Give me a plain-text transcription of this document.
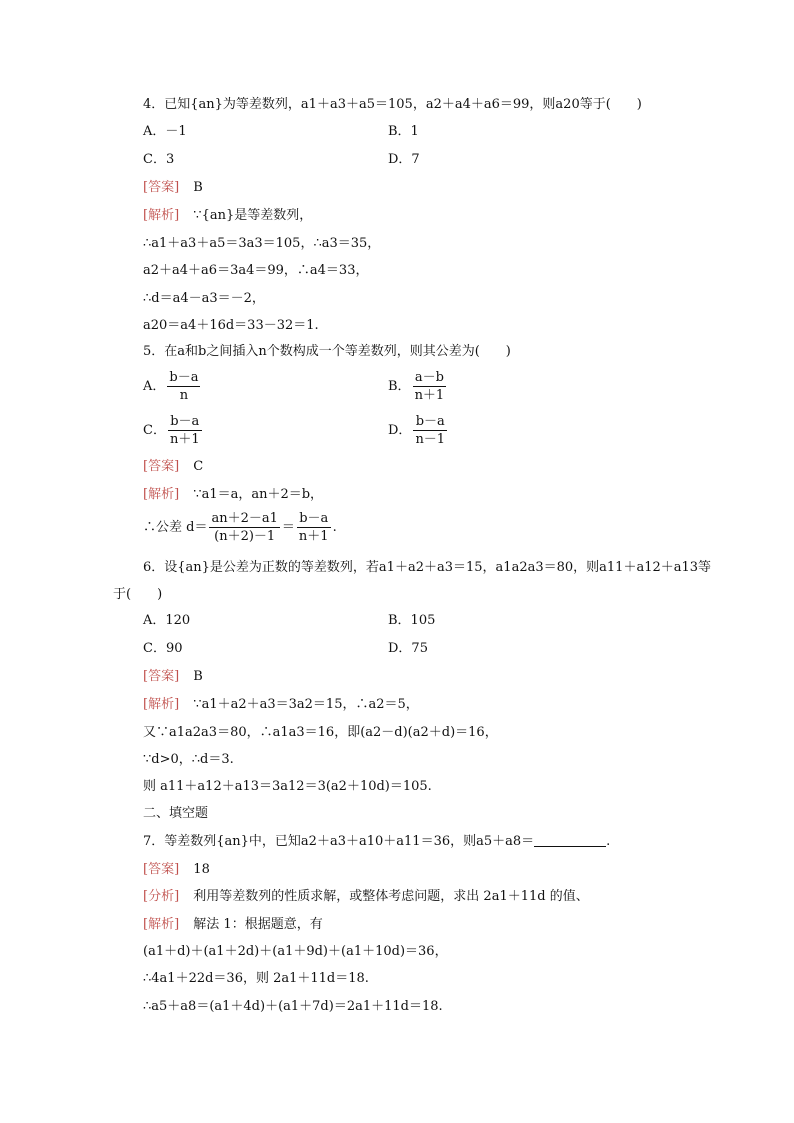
4．已知{an}为等差数列，a1＋a3＋a5＝105，a2＋a4＋a6＝99，则a20等于(　　)
A．－1	B．1
C．3	D．7
[答案] B
[解析] ∵{an}是等差数列，
∴a1＋a3＋a5＝3a3＝105，∴a3＝35，
a2＋a4＋a6＝3a4＝99，∴a4＝33，
∴d＝a4－a3＝－2，
a20＝a4＋16d＝33－32＝1.
5．在a和b之间插入n个数构成一个等差数列，则其公差为(　　)
A． $\frac{b-a}{n}$	B． $\frac{a-b}{n+1}$
C． $\frac{b-a}{n+1}$	D． $\frac{b-a}{n-1}$
[答案] C
[解析] ∵a1＝a，an＋2＝b，
∴公差 $d= \frac{an+2-a1}{(n+2)-1} = \frac{b-a}{n+1}$ .
6．设{an}是公差为正数的等差数列，若a1＋a2＋a3＝15，a1a2a3＝80，则a11＋a12＋a13等
于(　　)
A．120	B．105
C．90	D．75
[答案] B
[解析] ∵a1＋a2＋a3＝3a2＝15，∴a2＝5，
又∵a1a2a3＝80，∴a1a3＝16，即(a2－d)(a2＋d)＝16，
∵d>0，∴d＝3.
则 a11＋a12＋a13＝3a12＝3(a2＋10d)＝105.
二、填空题
7．等差数列{an}中，已知a2＋a3＋a10＋a11＝36，则a5＋a8＝	.
[答案] 18
[分析] 利用等差数列的性质求解，或整体考虑问题，求出 2a1＋11d 的值、
[解析] 解法 1：根据题意，有
(a1＋d)＋(a1＋2d)＋(a1＋9d)＋(a1＋10d)＝36，
∴4a1＋22d＝36，则 2a1＋11d＝18.
∴a5＋a8＝(a1＋4d)＋(a1＋7d)＝2a1＋11d＝18.
